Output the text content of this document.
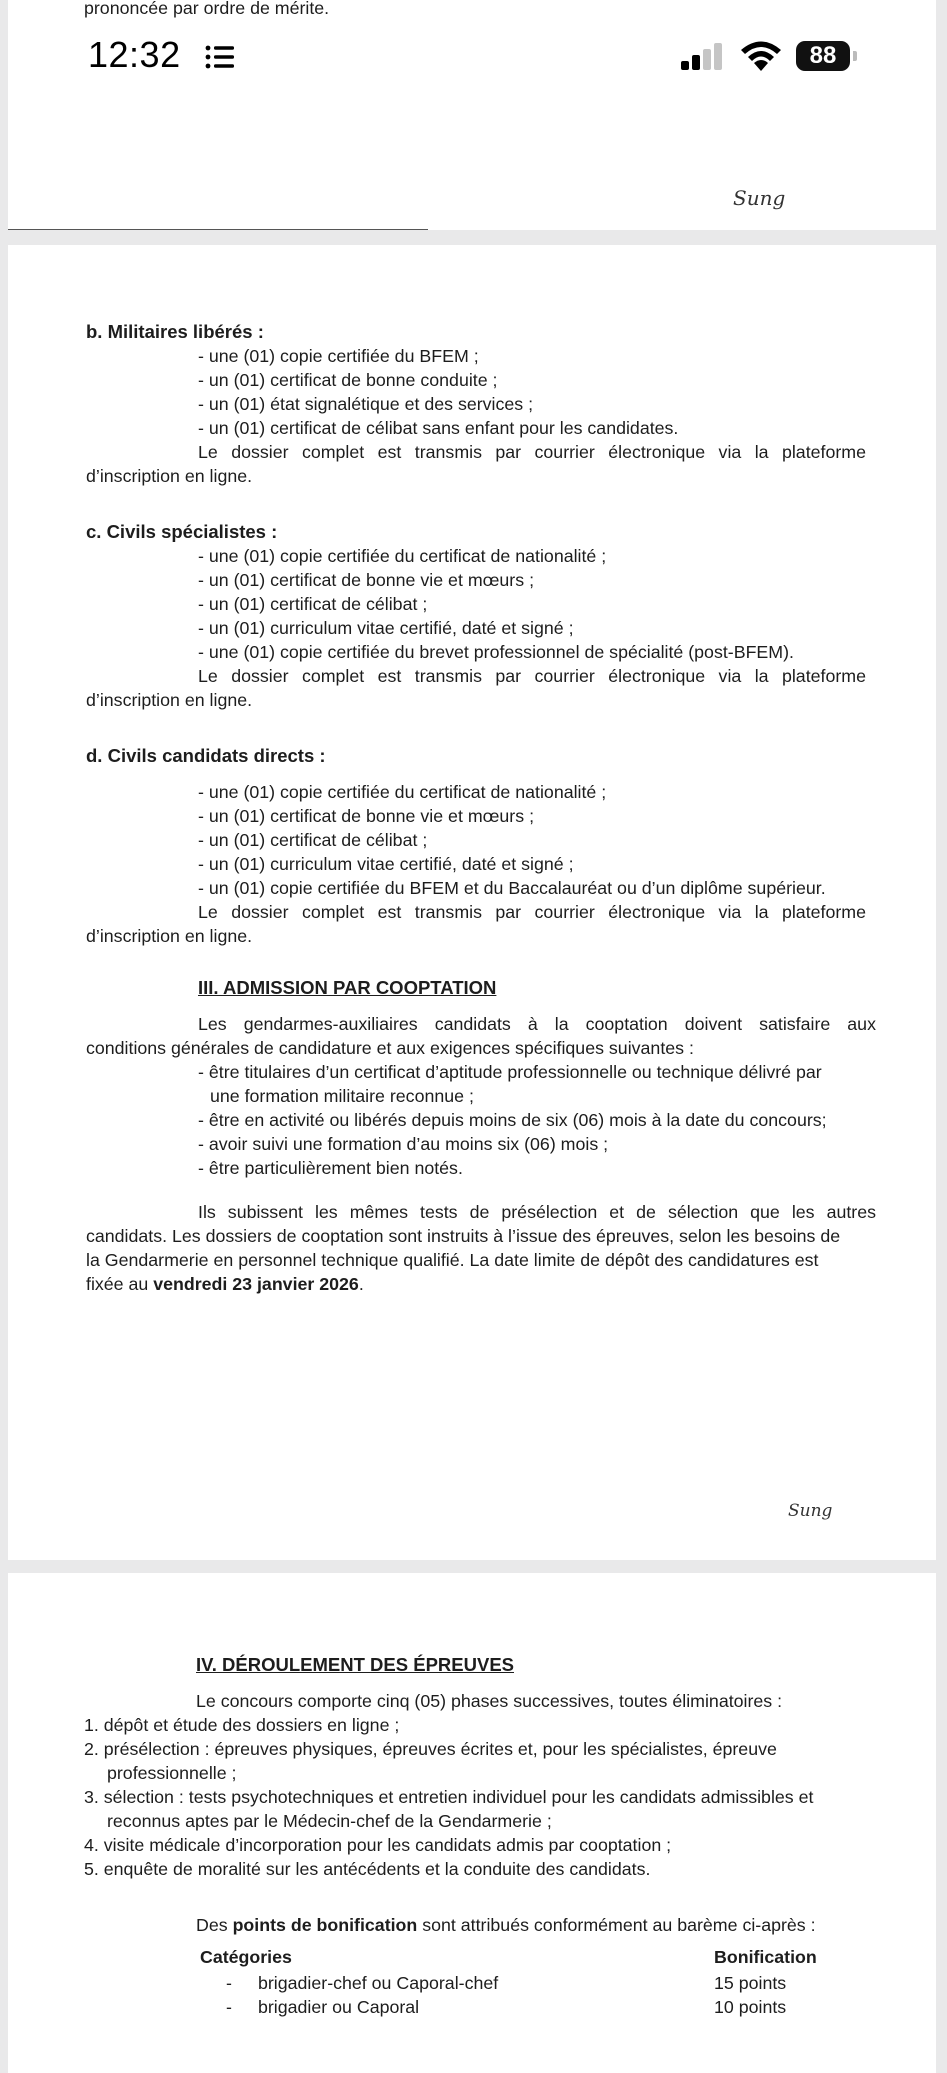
prononcée par ordre de mérite.
Sung
12:32	88
b. Militaires libérés :
- une (01) copie certifiée du BFEM ;
- un (01) certificat de bonne conduite ;
- un (01) état signalétique et des services ;
- un (01) certificat de célibat sans enfant pour les candidates.
Le dossier complet est transmis par courrier électronique via la plateforme
d’inscription en ligne.
c. Civils spécialistes :
- une (01) copie certifiée du certificat de nationalité ;
- un (01) certificat de bonne vie et mœurs ;
- un (01) certificat de célibat ;
- un (01) curriculum vitae certifié, daté et signé ;
- une (01) copie certifiée du brevet professionnel de spécialité (post-BFEM).
Le dossier complet est transmis par courrier électronique via la plateforme
d’inscription en ligne.
d. Civils candidats directs :
- une (01) copie certifiée du certificat de nationalité ;
- un (01) certificat de bonne vie et mœurs ;
- un (01) certificat de célibat ;
- un (01) curriculum vitae certifié, daté et signé ;
- un (01) copie certifiée du BFEM et du Baccalauréat ou d’un diplôme supérieur.
Le dossier complet est transmis par courrier électronique via la plateforme
d’inscription en ligne.
III. ADMISSION PAR COOPTATION
Les gendarmes-auxiliaires candidats à la cooptation doivent satisfaire aux
conditions générales de candidature et aux exigences spécifiques suivantes :
- être titulaires d’un certificat d’aptitude professionnelle ou technique délivré par
une formation militaire reconnue ;
- être en activité ou libérés depuis moins de six (06) mois à la date du concours;
- avoir suivi une formation d’au moins six (06) mois ;
- être particulièrement bien notés.
Ils subissent les mêmes tests de présélection et de sélection que les autres
candidats. Les dossiers de cooptation sont instruits à l’issue des épreuves, selon les besoins de
la Gendarmerie en personnel technique qualifié. La date limite de dépôt des candidatures est
fixée au vendredi 23 janvier 2026.
Sung
IV. DÉROULEMENT DES ÉPREUVES
Le concours comporte cinq (05) phases successives, toutes éliminatoires :
1. dépôt et étude des dossiers en ligne ;
2. présélection : épreuves physiques, épreuves écrites et, pour les spécialistes, épreuve
professionnelle ;
3. sélection : tests psychotechniques et entretien individuel pour les candidats admissibles et
reconnus aptes par le Médecin-chef de la Gendarmerie ;
4. visite médicale d’incorporation pour les candidats admis par cooptation ;
5. enquête de moralité sur les antécédents et la conduite des candidats.
Des points de bonification sont attribués conformément au barème ci-après :
Catégories	Bonification
- brigadier-chef ou Caporal-chef	15 points
- brigadier ou Caporal	10 points
